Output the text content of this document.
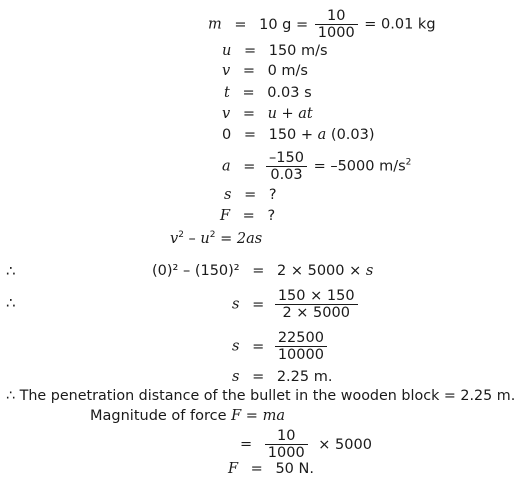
m = 10 $g = \frac{10}{1000} = 0.01$ kg
u = 150 m/s
v = 0 m/s
t = 0.03 s
v = u + at
0 = 150 + a (0.03)
$a = \frac{-150}{0.03} = -5000$ $m/s^2$
s = ?
F = ?
$v^2 - u^2 = 2as$
∴	(0)² – (150)² = 2 × 5000 × s
∴	$s = \frac{150 \times 150}{2 \times 5000}$
$s = \frac{22500}{10000}$
s = 2.25 m.
∴ The penetration distance of the bullet in the wooden block = 2.25 m.
Magnitude of force F = ma
= $\frac{10}{1000} \times 5000$
F = 50 N.
